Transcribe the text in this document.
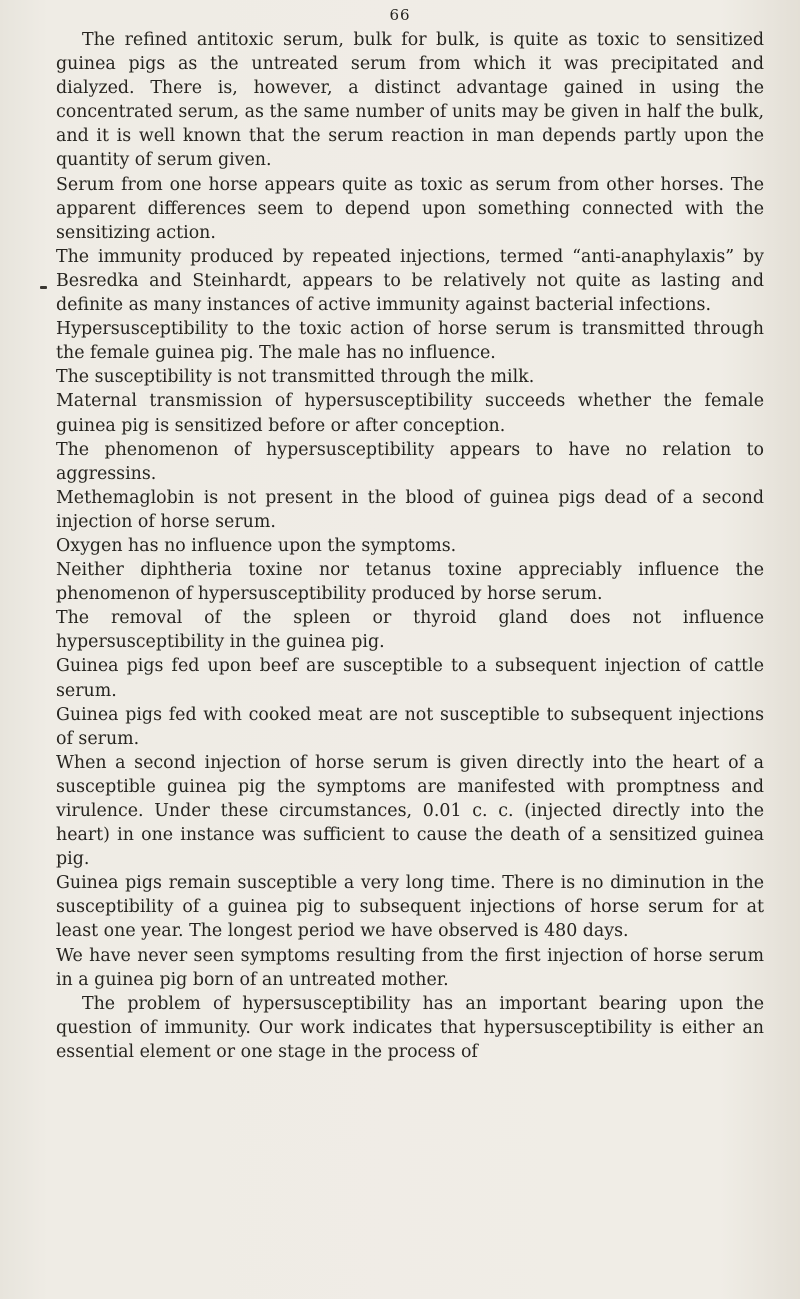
66

The refined antitoxic serum, bulk for bulk, is quite as toxic to sensitized guinea pigs as the untreated serum from which it was precipitated and dialyzed. There is, however, a distinct advantage gained in using the concentrated serum, as the same number of units may be given in half the bulk, and it is well known that the serum reaction in man depends partly upon the quantity of serum given.

Serum from one horse appears quite as toxic as serum from other horses. The apparent differences seem to depend upon something connected with the sensitizing action.

The immunity produced by repeated injections, termed “anti-anaphylaxis” by Besredka and Steinhardt, appears to be relatively not quite as lasting and definite as many instances of active immunity against bacterial infections.

Hypersusceptibility to the toxic action of horse serum is transmitted through the female guinea pig. The male has no influence.

The susceptibility is not transmitted through the milk.

Maternal transmission of hypersusceptibility succeeds whether the female guinea pig is sensitized before or after conception.

The phenomenon of hypersusceptibility appears to have no relation to aggressins.

Methemaglobin is not present in the blood of guinea pigs dead of a second injection of horse serum.

Oxygen has no influence upon the symptoms.

Neither diphtheria toxine nor tetanus toxine appreciably influence the phenomenon of hypersusceptibility produced by horse serum.

The removal of the spleen or thyroid gland does not influence hypersusceptibility in the guinea pig.

Guinea pigs fed upon beef are susceptible to a subsequent injection of cattle serum.

Guinea pigs fed with cooked meat are not susceptible to subsequent injections of serum.

When a second injection of horse serum is given directly into the heart of a susceptible guinea pig the symptoms are manifested with promptness and virulence. Under these circumstances, 0.01 c. c. (injected directly into the heart) in one instance was sufficient to cause the death of a sensitized guinea pig.

Guinea pigs remain susceptible a very long time. There is no diminution in the susceptibility of a guinea pig to subsequent injections of horse serum for at least one year. The longest period we have observed is 480 days.

We have never seen symptoms resulting from the first injection of horse serum in a guinea pig born of an untreated mother.

The problem of hypersusceptibility has an important bearing upon the question of immunity. Our work indicates that hypersusceptibility is either an essential element or one stage in the process of
